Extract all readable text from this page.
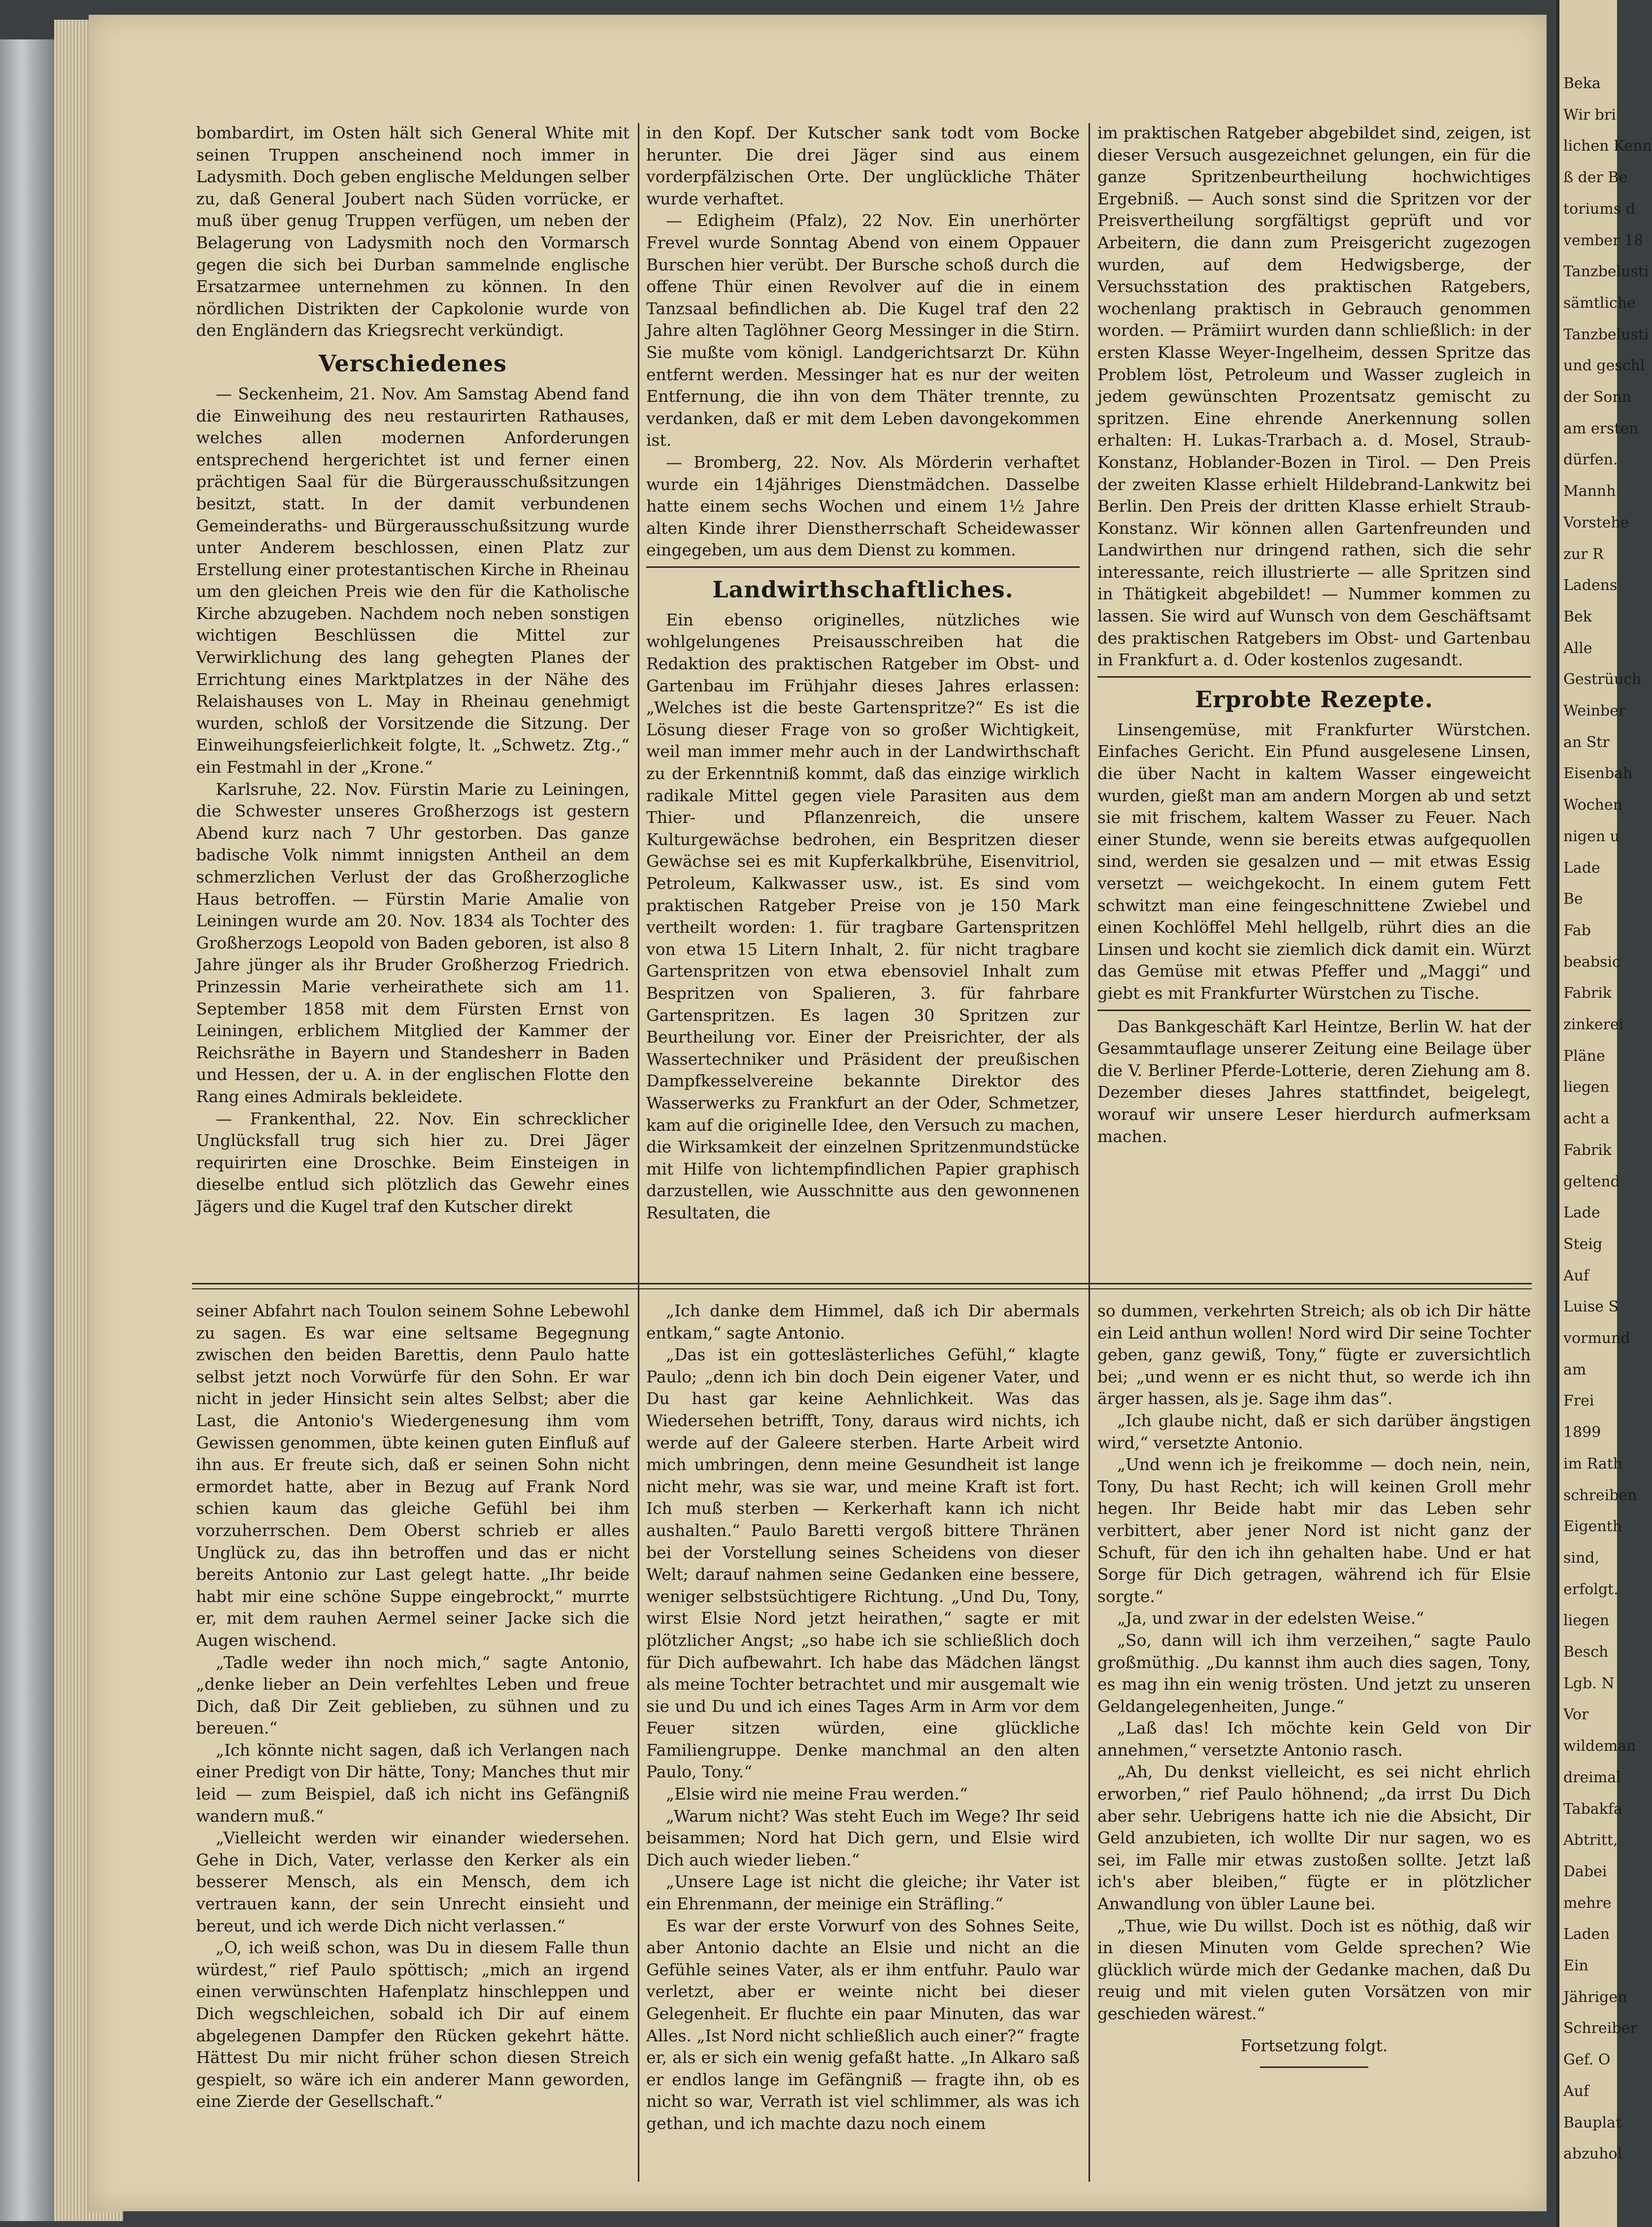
bombardirt, im Osten hält sich General White mit seinen Truppen anscheinend noch immer in Ladysmith. Doch geben englische Meldungen selber zu, daß General Joubert nach Süden vorrücke, er muß über genug Truppen verfügen, um neben der Belagerung von Ladysmith noch den Vormarsch gegen die sich bei Durban sammelnde englische Ersatzarmee unternehmen zu können. In den nördlichen Distrikten der Capkolonie wurde von den Engländern das Kriegsrecht verkündigt.

Verschiedenes

— Seckenheim, 21. Nov. Am Samstag Abend fand die Einweihung des neu restaurirten Rathauses, welches allen modernen Anforderungen entsprechend hergerichtet ist und ferner einen prächtigen Saal für die Bürgerausschußsitzungen besitzt, statt. In der damit verbundenen Gemeinderaths- und Bürgerausschußsitzung wurde unter Anderem beschlossen, einen Platz zur Erstellung einer protestantischen Kirche in Rheinau um den gleichen Preis wie den für die Katholische Kirche abzugeben. Nachdem noch neben sonstigen wichtigen Beschlüssen die Mittel zur Verwirklichung des lang gehegten Planes der Errichtung eines Marktplatzes in der Nähe des Relaishauses von L. May in Rheinau genehmigt wurden, schloß der Vorsitzende die Sitzung. Der Einweihungsfeierlichkeit folgte, lt. „Schwetz. Ztg.,“ ein Festmahl in der „Krone.“

Karlsruhe, 22. Nov. Fürstin Marie zu Leiningen, die Schwester unseres Großherzogs ist gestern Abend kurz nach 7 Uhr gestorben. Das ganze badische Volk nimmt innigsten Antheil an dem schmerzlichen Verlust der das Großherzogliche Haus betroffen. — Fürstin Marie Amalie von Leiningen wurde am 20. Nov. 1834 als Tochter des Großherzogs Leopold von Baden geboren, ist also 8 Jahre jünger als ihr Bruder Großherzog Friedrich. Prinzessin Marie verheirathete sich am 11. September 1858 mit dem Fürsten Ernst von Leiningen, erblichem Mitglied der Kammer der Reichsräthe in Bayern und Standesherr in Baden und Hessen, der u. A. in der englischen Flotte den Rang eines Admirals bekleidete.

— Frankenthal, 22. Nov. Ein schrecklicher Unglücksfall trug sich hier zu. Drei Jäger requirirten eine Droschke. Beim Einsteigen in dieselbe entlud sich plötzlich das Gewehr eines Jägers und die Kugel traf den Kutscher direkt

in den Kopf. Der Kutscher sank todt vom Bocke herunter. Die drei Jäger sind aus einem vorderpfälzischen Orte. Der unglückliche Thäter wurde verhaftet.

— Edigheim (Pfalz), 22 Nov. Ein unerhörter Frevel wurde Sonntag Abend von einem Oppauer Burschen hier verübt. Der Bursche schoß durch die offene Thür einen Revolver auf die in einem Tanzsaal befindlichen ab. Die Kugel traf den 22 Jahre alten Taglöhner Georg Messinger in die Stirn. Sie mußte vom königl. Landgerichtsarzt Dr. Kühn entfernt werden. Messinger hat es nur der weiten Entfernung, die ihn von dem Thäter trennte, zu verdanken, daß er mit dem Leben davongekommen ist.

— Bromberg, 22. Nov. Als Mörderin verhaftet wurde ein 14jähriges Dienstmädchen. Dasselbe hatte einem sechs Wochen und einem 1½ Jahre alten Kinde ihrer Dienstherrschaft Scheidewasser eingegeben, um aus dem Dienst zu kommen.

Landwirthschaftliches.

Ein ebenso originelles, nützliches wie wohlgelungenes Preisausschreiben hat die Redaktion des praktischen Ratgeber im Obst- und Gartenbau im Frühjahr dieses Jahres erlassen: „Welches ist die beste Gartenspritze?“ Es ist die Lösung dieser Frage von so großer Wichtigkeit, weil man immer mehr auch in der Landwirthschaft zu der Erkenntniß kommt, daß das einzige wirklich radikale Mittel gegen viele Parasiten aus dem Thier- und Pflanzenreich, die unsere Kulturgewächse bedrohen, ein Bespritzen dieser Gewächse sei es mit Kupferkalkbrühe, Eisenvitriol, Petroleum, Kalkwasser usw., ist. Es sind vom praktischen Ratgeber Preise von je 150 Mark vertheilt worden: 1. für tragbare Gartenspritzen von etwa 15 Litern Inhalt, 2. für nicht tragbare Gartenspritzen von etwa ebensoviel Inhalt zum Bespritzen von Spalieren, 3. für fahrbare Gartenspritzen. Es lagen 30 Spritzen zur Beurtheilung vor. Einer der Preisrichter, der als Wassertechniker und Präsident der preußischen Dampfkesselvereine bekannte Direktor des Wasserwerks zu Frankfurt an der Oder, Schmetzer, kam auf die originelle Idee, den Versuch zu machen, die Wirksamkeit der einzelnen Spritzenmundstücke mit Hilfe von lichtempfindlichen Papier graphisch darzustellen, wie Ausschnitte aus den gewonnenen Resultaten, die

im praktischen Ratgeber abgebildet sind, zeigen, ist dieser Versuch ausgezeichnet gelungen, ein für die ganze Spritzenbeurtheilung hochwichtiges Ergebniß. — Auch sonst sind die Spritzen vor der Preisvertheilung sorgfältigst geprüft und vor Arbeitern, die dann zum Preisgericht zugezogen wurden, auf dem Hedwigsberge, der Versuchsstation des praktischen Ratgebers, wochenlang praktisch in Gebrauch genommen worden. — Prämiirt wurden dann schließlich: in der ersten Klasse Weyer-Ingelheim, dessen Spritze das Problem löst, Petroleum und Wasser zugleich in jedem gewünschten Prozentsatz gemischt zu spritzen. Eine ehrende Anerkennung sollen erhalten: H. Lukas-Trarbach a. d. Mosel, Straub-Konstanz, Hoblander-Bozen in Tirol. — Den Preis der zweiten Klasse erhielt Hildebrand-Lankwitz bei Berlin. Den Preis der dritten Klasse erhielt Straub-Konstanz. Wir können allen Gartenfreunden und Landwirthen nur dringend rathen, sich die sehr interessante, reich illustrierte — alle Spritzen sind in Thätigkeit abgebildet! — Nummer kommen zu lassen. Sie wird auf Wunsch von dem Geschäftsamt des praktischen Ratgebers im Obst- und Gartenbau in Frankfurt a. d. Oder kostenlos zugesandt.

Erprobte Rezepte.

Linsengemüse, mit Frankfurter Würstchen. Einfaches Gericht. Ein Pfund ausgelesene Linsen, die über Nacht in kaltem Wasser eingeweicht wurden, gießt man am andern Morgen ab und setzt sie mit frischem, kaltem Wasser zu Feuer. Nach einer Stunde, wenn sie bereits etwas aufgequollen sind, werden sie gesalzen und — mit etwas Essig versetzt — weichgekocht. In einem gutem Fett schwitzt man eine feingeschnittene Zwiebel und einen Kochlöffel Mehl hellgelb, rührt dies an die Linsen und kocht sie ziemlich dick damit ein. Würzt das Gemüse mit etwas Pfeffer und „Maggi“ und giebt es mit Frankfurter Würstchen zu Tische.

Das Bankgeschäft Karl Heintze, Berlin W. hat der Gesammtauflage unserer Zeitung eine Beilage über die V. Berliner Pferde-Lotterie, deren Ziehung am 8. Dezember dieses Jahres stattfindet, beigelegt, worauf wir unsere Leser hierdurch aufmerksam machen.

seiner Abfahrt nach Toulon seinem Sohne Lebewohl zu sagen. Es war eine seltsame Begegnung zwischen den beiden Barettis, denn Paulo hatte selbst jetzt noch Vorwürfe für den Sohn. Er war nicht in jeder Hinsicht sein altes Selbst; aber die Last, die Antonio's Wiedergenesung ihm vom Gewissen genommen, übte keinen guten Einfluß auf ihn aus. Er freute sich, daß er seinen Sohn nicht ermordet hatte, aber in Bezug auf Frank Nord schien kaum das gleiche Gefühl bei ihm vorzuherrschen. Dem Oberst schrieb er alles Unglück zu, das ihn betroffen und das er nicht bereits Antonio zur Last gelegt hatte. „Ihr beide habt mir eine schöne Suppe eingebrockt,“ murrte er, mit dem rauhen Aermel seiner Jacke sich die Augen wischend.

„Tadle weder ihn noch mich,“ sagte Antonio, „denke lieber an Dein verfehltes Leben und freue Dich, daß Dir Zeit geblieben, zu sühnen und zu bereuen.“

„Ich könnte nicht sagen, daß ich Verlangen nach einer Predigt von Dir hätte, Tony; Manches thut mir leid — zum Beispiel, daß ich nicht ins Gefängniß wandern muß.“

„Vielleicht werden wir einander wiedersehen. Gehe in Dich, Vater, verlasse den Kerker als ein besserer Mensch, als ein Mensch, dem ich vertrauen kann, der sein Unrecht einsieht und bereut, und ich werde Dich nicht verlassen.“

„O, ich weiß schon, was Du in diesem Falle thun würdest,“ rief Paulo spöttisch; „mich an irgend einen verwünschten Hafenplatz hinschleppen und Dich wegschleichen, sobald ich Dir auf einem abgelegenen Dampfer den Rücken gekehrt hätte. Hättest Du mir nicht früher schon diesen Streich gespielt, so wäre ich ein anderer Mann geworden, eine Zierde der Gesellschaft.“

„Ich danke dem Himmel, daß ich Dir abermals entkam,“ sagte Antonio.

„Das ist ein gotteslästerliches Gefühl,“ klagte Paulo; „denn ich bin doch Dein eigener Vater, und Du hast gar keine Aehnlichkeit. Was das Wiedersehen betrifft, Tony, daraus wird nichts, ich werde auf der Galeere sterben. Harte Arbeit wird mich umbringen, denn meine Gesundheit ist lange nicht mehr, was sie war, und meine Kraft ist fort. Ich muß sterben — Kerkerhaft kann ich nicht aushalten.“ Paulo Baretti vergoß bittere Thränen bei der Vorstellung seines Scheidens von dieser Welt; darauf nahmen seine Gedanken eine bessere, weniger selbstsüchtigere Richtung. „Und Du, Tony, wirst Elsie Nord jetzt heirathen,“ sagte er mit plötzlicher Angst; „so habe ich sie schließlich doch für Dich aufbewahrt. Ich habe das Mädchen längst als meine Tochter betrachtet und mir ausgemalt wie sie und Du und ich eines Tages Arm in Arm vor dem Feuer sitzen würden, eine glückliche Familiengruppe. Denke manchmal an den alten Paulo, Tony.“

„Elsie wird nie meine Frau werden.“

„Warum nicht? Was steht Euch im Wege? Ihr seid beisammen; Nord hat Dich gern, und Elsie wird Dich auch wieder lieben.“

„Unsere Lage ist nicht die gleiche; ihr Vater ist ein Ehrenmann, der meinige ein Sträfling.“

Es war der erste Vorwurf von des Sohnes Seite, aber Antonio dachte an Elsie und nicht an die Gefühle seines Vater, als er ihm entfuhr. Paulo war verletzt, aber er weinte nicht bei dieser Gelegenheit. Er fluchte ein paar Minuten, das war Alles. „Ist Nord nicht schließlich auch einer?“ fragte er, als er sich ein wenig gefaßt hatte. „In Alkaro saß er endlos lange im Gefängniß — fragte ihn, ob es nicht so war, Verrath ist viel schlimmer, als was ich gethan, und ich machte dazu noch einem

so dummen, verkehrten Streich; als ob ich Dir hätte ein Leid anthun wollen! Nord wird Dir seine Tochter geben, ganz gewiß, Tony,“ fügte er zuversichtlich bei; „und wenn er es nicht thut, so werde ich ihn ärger hassen, als je. Sage ihm das“.

„Ich glaube nicht, daß er sich darüber ängstigen wird,“ versetzte Antonio.

„Und wenn ich je freikomme — doch nein, nein, Tony, Du hast Recht; ich will keinen Groll mehr hegen. Ihr Beide habt mir das Leben sehr verbittert, aber jener Nord ist nicht ganz der Schuft, für den ich ihn gehalten habe. Und er hat Sorge für Dich getragen, während ich für Elsie sorgte.“

„Ja, und zwar in der edelsten Weise.“

„So, dann will ich ihm verzeihen,“ sagte Paulo großmüthig. „Du kannst ihm auch dies sagen, Tony, es mag ihn ein wenig trösten. Und jetzt zu unseren Geldangelegenheiten, Junge.“

„Laß das! Ich möchte kein Geld von Dir annehmen,“ versetzte Antonio rasch.

„Ah, Du denkst vielleicht, es sei nicht ehrlich erworben,“ rief Paulo höhnend; „da irrst Du Dich aber sehr. Uebrigens hatte ich nie die Absicht, Dir Geld anzubieten, ich wollte Dir nur sagen, wo es sei, im Falle mir etwas zustoßen sollte. Jetzt laß ich's aber bleiben,“ fügte er in plötzlicher Anwandlung von übler Laune bei.

„Thue, wie Du willst. Doch ist es nöthig, daß wir in diesen Minuten vom Gelde sprechen? Wie glücklich würde mich der Gedanke machen, daß Du reuig und mit vielen guten Vorsätzen von mir geschieden wärest.“

Fortsetzung folgt.

Beka
Wir bri
lichen Kenn
ß der Be
toriums d
vember 18
Tanzbelusti
sämtliche
Tanzbelusti
und geschl
der Sonn
am ersten
dürfen.
Mannh
Vorstehe
zur R
Ladens
Bek
Alle
Gestrüuch
Weinber
an Str
Eisenbah
Wochen
nigen u
Lade
Be
Fab
beabsic
Fabrik
zinkerei
Pläne
liegen
acht a
Fabrik
geltend
Lade
Steig
Auf
Luise S
vormund
am
Frei
1899
im Rath
schreiben
Eigenth
sind,
erfolgt.
liegen
Besch
Lgb. N
Vor
wildeman
dreimal
Tabakfa
Abtritt,
Dabei
mehre
Laden
Ein
Jährigen
Schreiber
Gef. O
Auf
Bauplat
abzuhol
